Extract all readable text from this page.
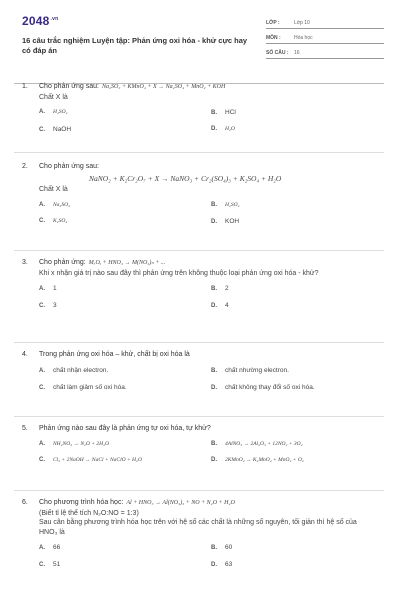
$2048^{.vn}$
16 câu trắc nghiệm Luyện tập: Phản ứng oxi hóa - khử cực hay có đáp án
LỚP :	Lớp 10
MÔN :	Hóa học
SỐ CÂU :	16
1.	Cho phản ứng sau: Na₂SO₃ + KMnO₄ + X → Na₂SO₄ + MnO₂ + KOH
Chất X là
A.	H₂SO₄	B.	HCl
C.	NaOH	D.	H₂O
2.	Cho phản ứng sau:
NaNO₂ + K₂Cr₂O₇ + X → NaNO₃ + Cr₂(SO₄)₃ + K₂SO₄ + H₂O
Chất X là
A.	Na₂SO₄	B.	H₂SO₄
C.	K₂SO₄	D.	KOH
3.	Cho phản ứng: MₓOᵧ + HNO₃ → M(NO₃)ₙ + ...
Khi x nhận giá trị nào sau đây thì phản ứng trên không thuộc loại phản ứng oxi hóa - khử?
A.	1	B.	2
C.	3	D.	4
4.	Trong phản ứng oxi hóa – khử, chất bị oxi hóa là
A.	chất nhận electron.	B.	chất nhường electron.
C.	chất làm giảm số oxi hóa.	D.	chất không thay đổi số oxi hóa.
5.	Phản ứng nào sau đây là phản ứng tự oxi hóa, tự khử?
A.	NH₄NO₃ → N₂O + 2H₂O	B.	4AlNO₃ → 2Al₂O₃ + 12NO₂ + 3O₂
C.	Cl₂ + 2NaOH → NaCl + NaClO + H₂O	D.	2KMnO₄ → K₂MnO₄ + MnO₂ + O₂
6.	Cho phương trình hóa học: Al + HNO₃ → Al(NO₃)₃ + NO + N₂O + H₂O
(Biết tỉ lệ thể tích N₂O:NO = 1:3)
Sau cân bằng phương trình hóa học trên với hệ số các chất là những số nguyên, tối giản thì hệ số của HNO₃ là
A.	66	B.	60
C.	51	D.	63
